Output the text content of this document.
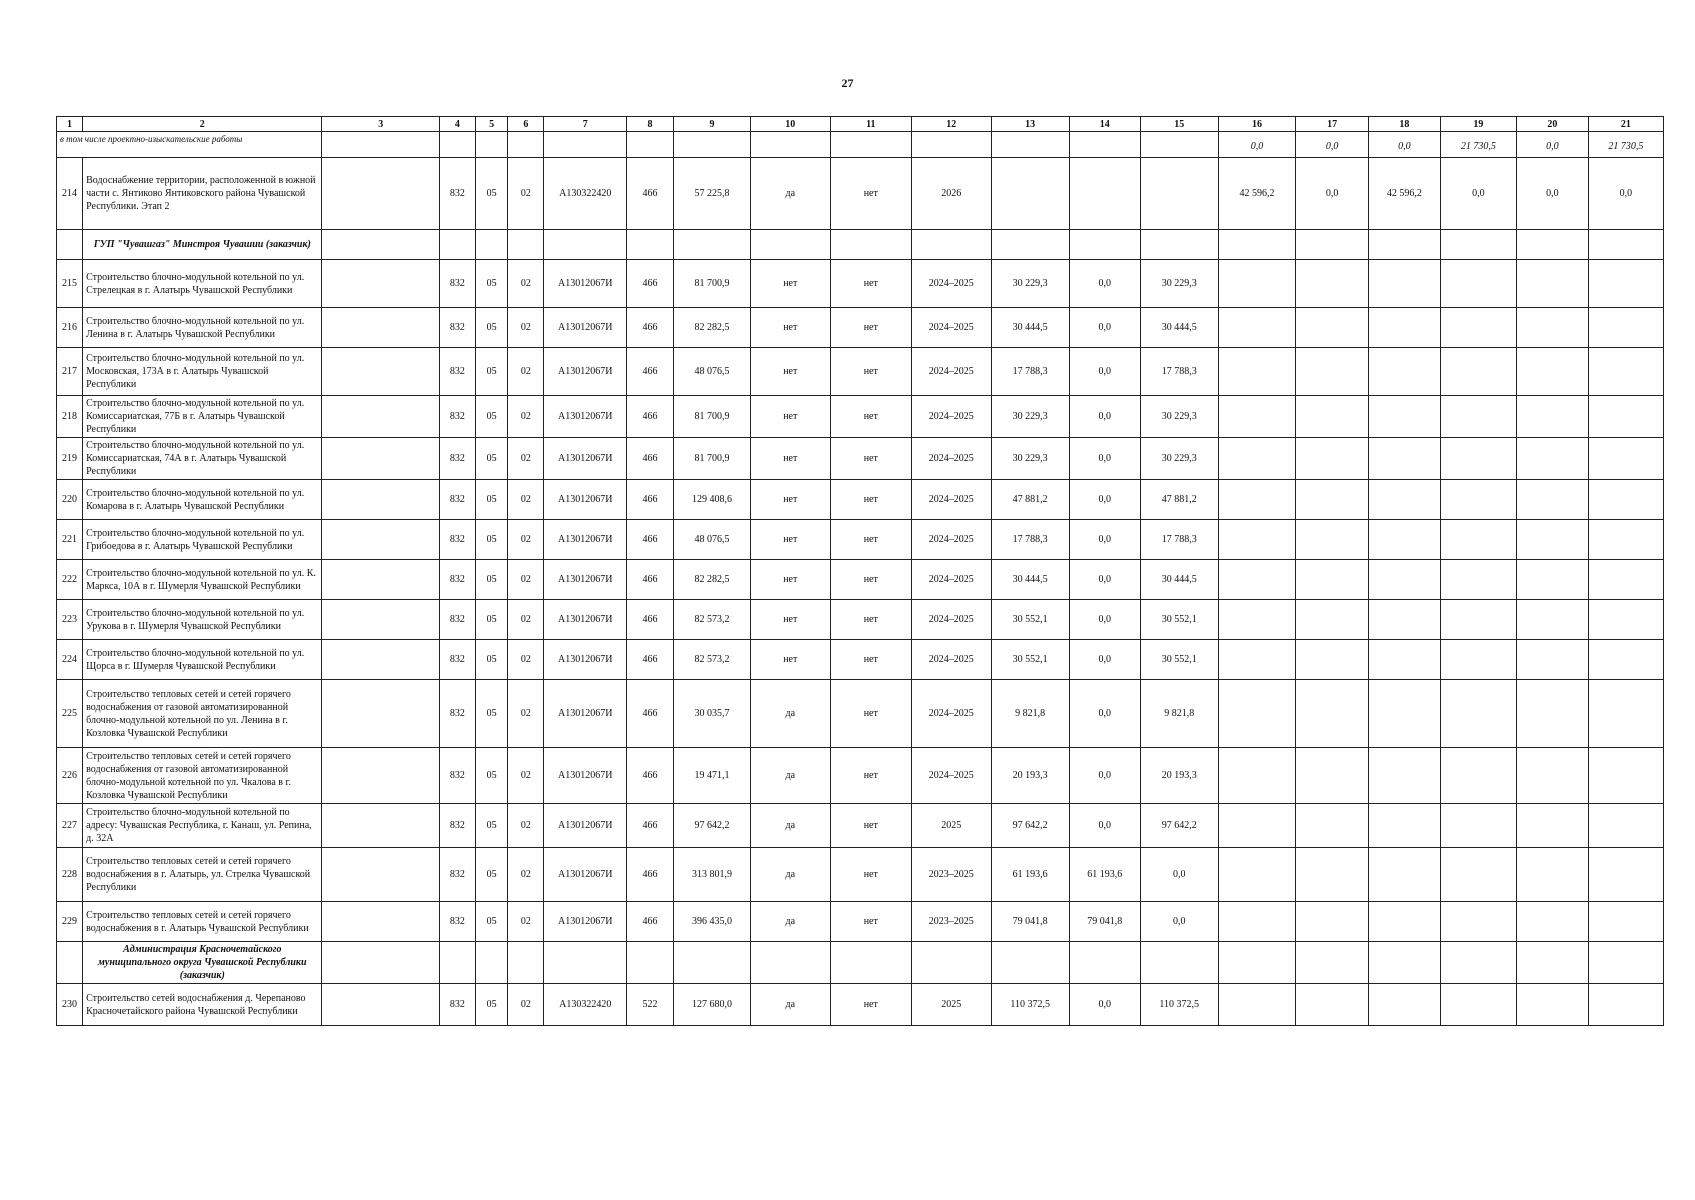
27
1	2	3	4	5	6	7	8	9	10	11	12	13	14	15	16	17	18	19	20	21
в том числе проектно-изыскательские работы															0,0	0,0	0,0	21 730,5	0,0	21 730,5
214	Водоснабжение территории, расположенной в южной части с. Янтиково Янтиковского района Чувашской Республики. Этап 2		832	05	02	А130322420	466	57 225,8	да	нет	2026				42 596,2	0,0	42 596,2	0,0	0,0	0,0
	ГУП "Чувашгаз" Минстроя Чувашии (заказчик)																			
215	Строительство блочно-модульной котельной по ул. Стрелецкая в г. Алатырь Чувашской Республики		832	05	02	А13012067И	466	81 700,9	нет	нет	2024–2025	30 229,3	0,0	30 229,3						
216	Строительство блочно-модульной котельной по ул. Ленина в г. Алатырь Чувашской Республики		832	05	02	А13012067И	466	82 282,5	нет	нет	2024–2025	30 444,5	0,0	30 444,5						
217	Строительство блочно-модульной котельной по ул. Московская, 173А в г. Алатырь Чувашской Республики		832	05	02	А13012067И	466	48 076,5	нет	нет	2024–2025	17 788,3	0,0	17 788,3						
218	Строительство блочно-модульной котельной по ул. Комиссариатская, 77Б в г. Алатырь Чувашской Республики		832	05	02	А13012067И	466	81 700,9	нет	нет	2024–2025	30 229,3	0,0	30 229,3						
219	Строительство блочно-модульной котельной по ул. Комиссариатская, 74А в г. Алатырь Чувашской Республики		832	05	02	А13012067И	466	81 700,9	нет	нет	2024–2025	30 229,3	0,0	30 229,3						
220	Строительство блочно-модульной котельной по ул. Комарова в г. Алатырь Чувашской Республики		832	05	02	А13012067И	466	129 408,6	нет	нет	2024–2025	47 881,2	0,0	47 881,2						
221	Строительство блочно-модульной котельной по ул. Грибоедова в г. Алатырь Чувашской Республики		832	05	02	А13012067И	466	48 076,5	нет	нет	2024–2025	17 788,3	0,0	17 788,3						
222	Строительство блочно-модульной котельной по ул. К. Маркса, 10А в г. Шумерля Чувашской Республики		832	05	02	А13012067И	466	82 282,5	нет	нет	2024–2025	30 444,5	0,0	30 444,5						
223	Строительство блочно-модульной котельной по ул. Урукова в г. Шумерля Чувашской Республики		832	05	02	А13012067И	466	82 573,2	нет	нет	2024–2025	30 552,1	0,0	30 552,1						
224	Строительство блочно-модульной котельной по ул. Щорса в г. Шумерля Чувашской Республики		832	05	02	А13012067И	466	82 573,2	нет	нет	2024–2025	30 552,1	0,0	30 552,1						
225	Строительство тепловых сетей и сетей горячего водоснабжения от газовой автоматизированной блочно-модульной котельной по ул. Ленина в г. Козловка Чувашской Республики		832	05	02	А13012067И	466	30 035,7	да	нет	2024–2025	9 821,8	0,0	9 821,8						
226	Строительство тепловых сетей и сетей горячего водоснабжения от газовой автоматизированной блочно-модульной котельной по ул. Чкалова в г. Козловка Чувашской Республики		832	05	02	А13012067И	466	19 471,1	да	нет	2024–2025	20 193,3	0,0	20 193,3						
227	Строительство блочно-модульной котельной по адресу: Чувашская Республика, г. Канаш, ул. Репина, д. 32А		832	05	02	А13012067И	466	97 642,2	да	нет	2025	97 642,2	0,0	97 642,2						
228	Строительство тепловых сетей и сетей горячего водоснабжения в г. Алатырь, ул. Стрелка Чувашской Республики		832	05	02	А13012067И	466	313 801,9	да	нет	2023–2025	61 193,6	61 193,6	0,0						
229	Строительство тепловых сетей и сетей горячего водоснабжения в г. Алатырь Чувашской Республики		832	05	02	А13012067И	466	396 435,0	да	нет	2023–2025	79 041,8	79 041,8	0,0						
	Администрация Красночетайского муниципального округа Чувашской Республики (заказчик)																			
230	Строительство сетей водоснабжения д. Черепаново Красночетайского района Чувашской Республики		832	05	02	А130322420	522	127 680,0	да	нет	2025	110 372,5	0,0	110 372,5						
